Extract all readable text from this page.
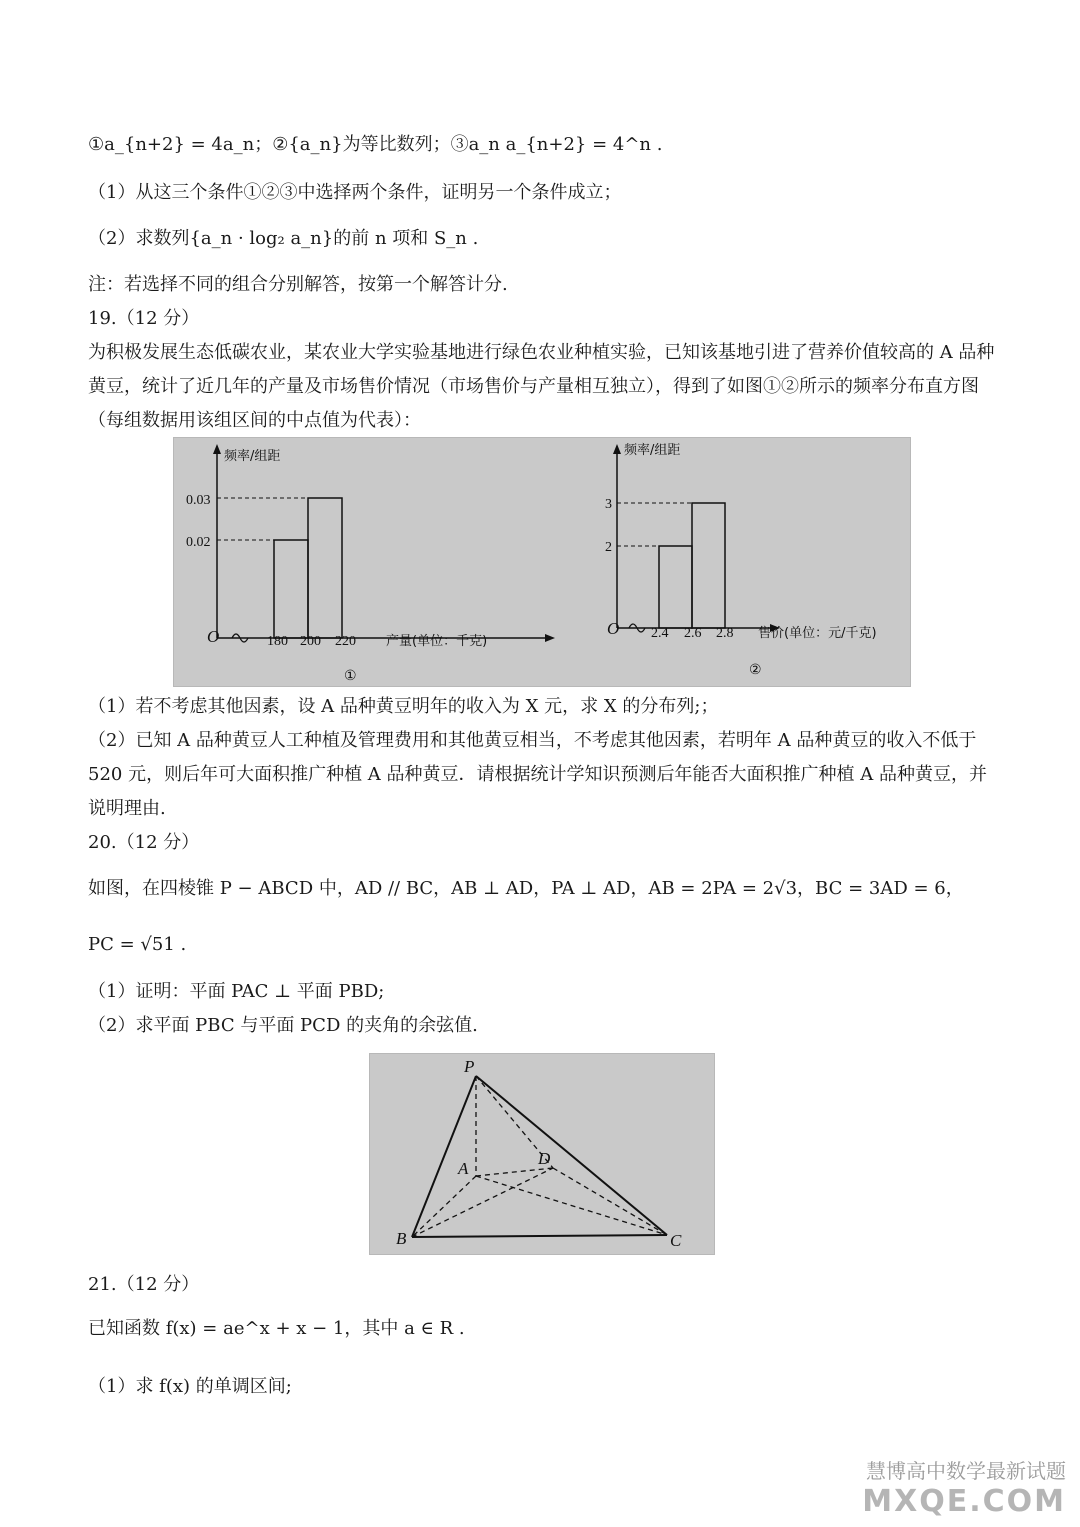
①a_{n+2} = 4a_n；②{a_n}为等比数列；③a_n a_{n+2} = 4^n .
（1）从这三个条件①②③中选择两个条件，证明另一个条件成立；
（2）求数列{a_n · log₂ a_n}的前 n 项和 S_n .
注：若选择不同的组合分别解答，按第一个解答计分.
19.（12 分）
为积极发展生态低碳农业，某农业大学实验基地进行绿色农业种植实验，已知该基地引进了营养价值较高的 A 品种黄豆，统计了近几年的产量及市场售价情况（市场售价与产量相互独立），得到了如图①②所示的频率分布直方图（每组数据用该组区间的中点值为代表）：
频率/组距
0.03
0.02
O	180 200 220 产量(单位：千克)
①
频率/组距
3
2
O 2.4 2.6 2.8 售价(单位：元/千克)
②
（1）若不考虑其他因素，设 A 品种黄豆明年的收入为 X 元，求 X 的分布列;；
（2）已知 A 品种黄豆人工种植及管理费用和其他黄豆相当，不考虑其他因素，若明年 A 品种黄豆的收入不低于 520 元，则后年可大面积推广种植 A 品种黄豆．请根据统计学知识预测后年能否大面积推广种植 A 品种黄豆，并说明理由.
20.（12 分）
如图，在四棱锥 P − ABCD 中，AD // BC，AB ⊥ AD，PA ⊥ AD，AB = 2PA = 2√3，BC = 3AD = 6，
PC = √51 .
（1）证明：平面 PAC ⊥ 平面 PBD;
（2）求平面 PBC 与平面 PCD 的夹角的余弦值.
P
A
D
B	C
21.（12 分）
已知函数 f(x) = ae^x + x − 1，其中 a ∈ R .
（1）求 f(x) 的单调区间;
慧博高中数学最新试题
MXQE.COM
